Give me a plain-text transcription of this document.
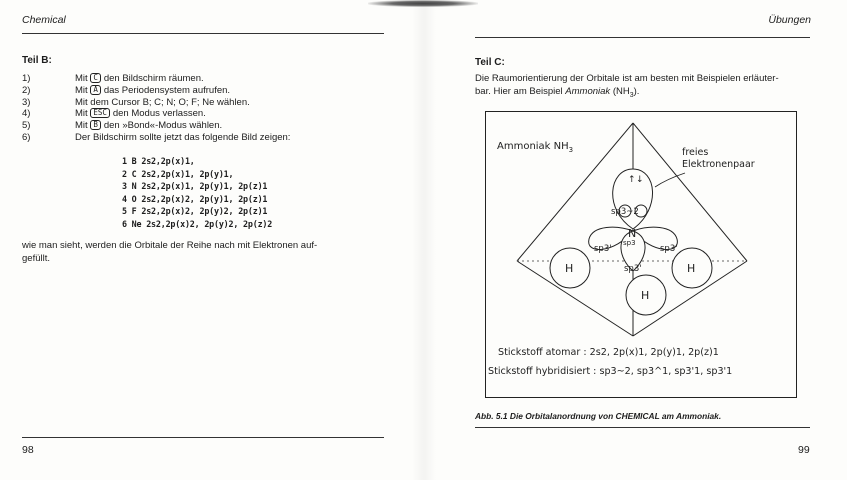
Chemical
Teil B:
1)	Mit C den Bildschirm räumen.
2)	Mit A das Periodensystem aufrufen.
3)	Mit dem Cursor B; C; N; O; F; Ne wählen.
4)	Mit ESC den Modus verlassen.
5)	Mit B den »Bond«-Modus wählen.
6)	Der Bildschirm sollte jetzt das folgende Bild zeigen:
1 B 2s2,2p(x)1,
2 C 2s2,2p(x)1, 2p(y)1,
3 N 2s2,2p(x)1, 2p(y)1, 2p(z)1
4 O 2s2,2p(x)2, 2p(y)1, 2p(z)1
5 F 2s2,2p(x)2, 2p(y)2, 2p(z)1
6 Ne 2s2,2p(x)2, 2p(y)2, 2p(z)2
wie man sieht, werden die Orbitale der Reihe nach mit Elektronen auf-
gefüllt.
98
Übungen
Teil C:
Die Raumorientierung der Orbitale ist am besten mit Beispielen erläuter-
bar. Hier am Beispiel Ammoniak $(NH_3)$.
99
Ammoniak $NH_3$	freies
Elektronenpaar
↑ ↓
sp3~2
N
sp3
sp3'	sp3'
sp3'
H	H
H
Stickstoff atomar : 2s2, 2p(x)1, 2p(y)1, 2p(z)1
Stickstoff hybridisiert : sp3~2, sp3^1, sp3'1, sp3'1
Abb. 5.1 Die Orbitalanordnung von CHEMICAL am Ammoniak.
